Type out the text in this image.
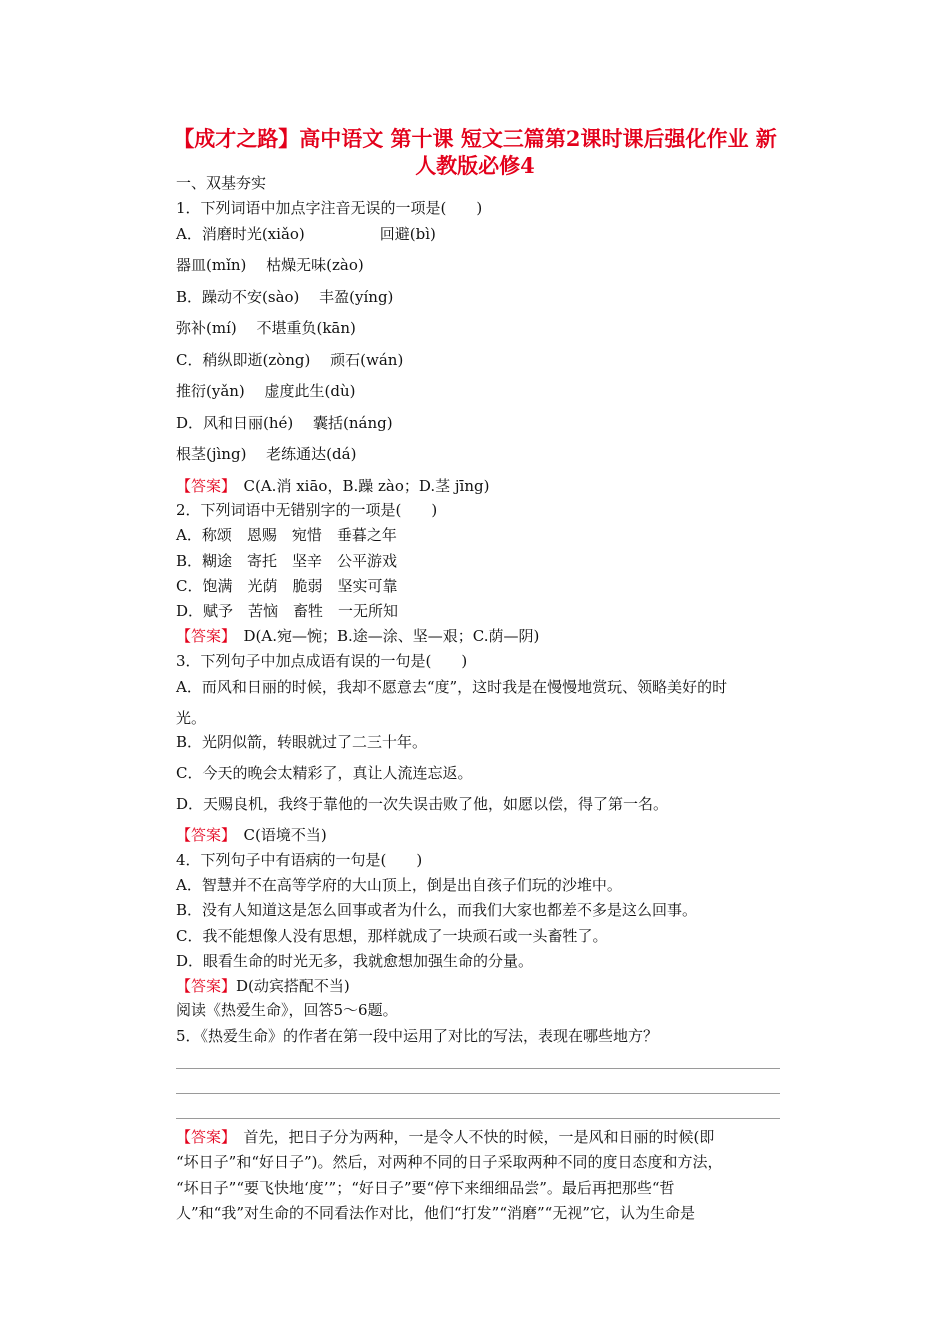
【成才之路】高中语文 第十课 短文三篇第2课时课后强化作业 新
人教版必修4
一、双基夯实
1．下列词语中加点字注音无误的一项是(　　)
A．消磨时光(xiǎo)　　　　　回避(bì)
器皿(mǐn)　 枯燥无味(zào)
B．躁动不安(sào)　 丰盈(yíng)
弥补(mí)　 不堪重负(kān)
C．稍纵即逝(zòng)　 顽石(wán)
推衍(yǎn)　 虚度此生(dù)
D．风和日丽(hé)　 囊括(náng)
根茎(jìng)　 老练通达(dá)
【答案】　C(A.消 xiāo，B.躁 zào；D.茎 jīng)
2．下列词语中无错别字的一项是(　　)
A．称颂　恩赐　宛惜　垂暮之年
B．糊途　寄托　坚辛　公平游戏
C．饱满　光荫　脆弱　坚实可靠
D．赋予　苦恼　畜牲　一无所知
【答案】　D(A.宛—惋；B.途—涂、坚—艰；C.荫—阴)
3．下列句子中加点成语有误的一句是(　　)
A．而风和日丽的时候，我却不愿意去“度”，这时我是在慢慢地赏玩、领略美好的时
光。
B．光阴似箭，转眼就过了二三十年。
C．今天的晚会太精彩了，真让人流连忘返。
D．天赐良机，我终于靠他的一次失误击败了他，如愿以偿，得了第一名。
【答案】　C(语境不当)
4．下列句子中有语病的一句是(　　)
A．智慧并不在高等学府的大山顶上，倒是出自孩子们玩的沙堆中。
B．没有人知道这是怎么回事或者为什么，而我们大家也都差不多是这么回事。
C．我不能想像人没有思想，那样就成了一块顽石或一头畜牲了。
D．眼看生命的时光无多，我就愈想加强生命的分量。
【答案】D(动宾搭配不当)
阅读《热爱生命》，回答5～6题。
5．《热爱生命》的作者在第一段中运用了对比的写法，表现在哪些地方？
【答案】　首先，把日子分为两种，一是令人不快的时候，一是风和日丽的时候(即
“坏日子”和“好日子”)。然后，对两种不同的日子采取两种不同的度日态度和方法，
“坏日子”“要飞快地‘度’”；“好日子”要“停下来细细品尝”。最后再把那些“哲
人”和“我”对生命的不同看法作对比，他们“打发”“消磨”“无视”它，认为生命是
